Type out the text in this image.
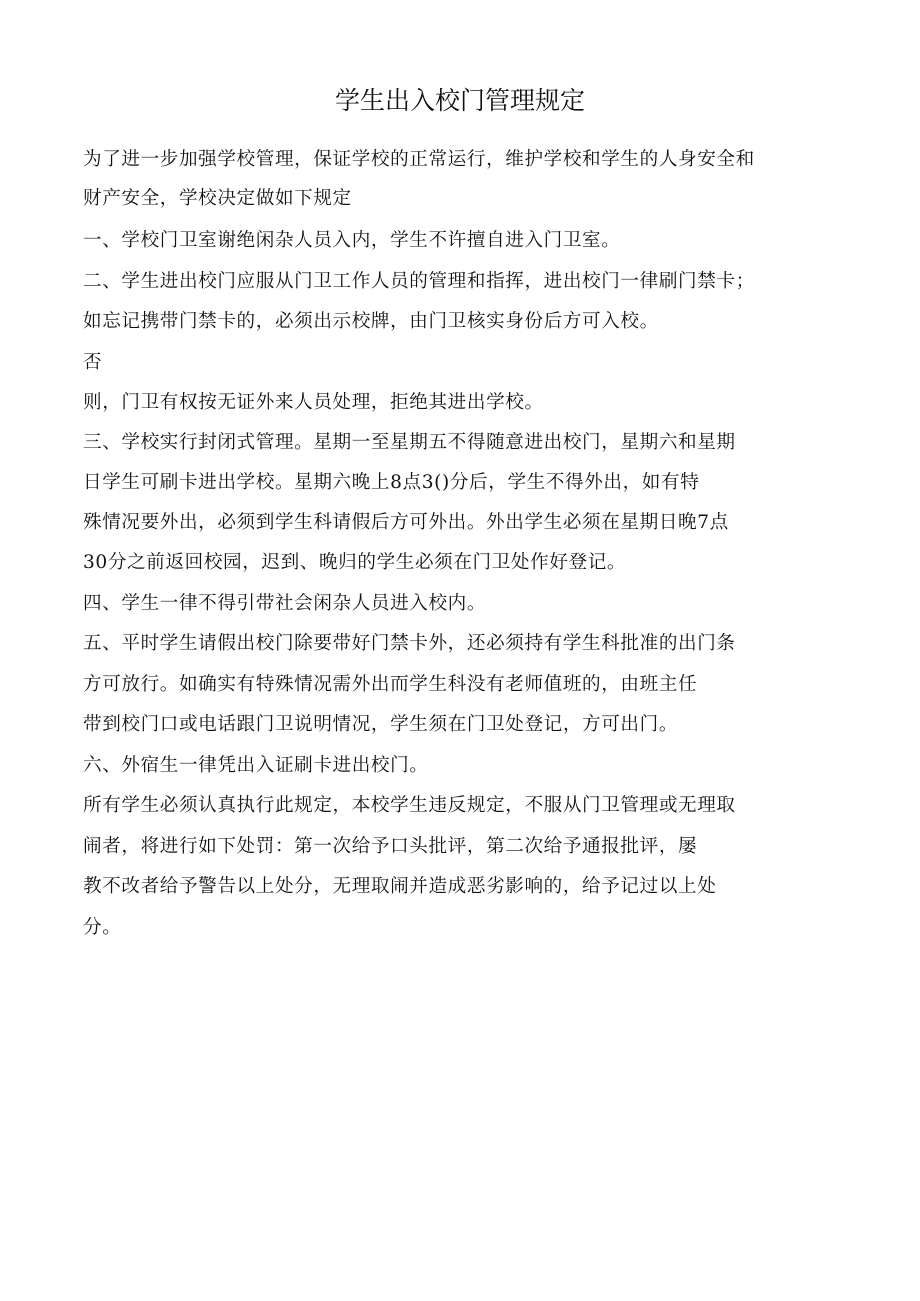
学生出入校门管理规定
为了进一步加强学校管理，保证学校的正常运行，维护学校和学生的人身安全和
财产安全，学校决定做如下规定
一、学校门卫室谢绝闲杂人员入内，学生不许擅自进入门卫室。
二、学生进出校门应服从门卫工作人员的管理和指挥，进出校门一律刷门禁卡；
如忘记携带门禁卡的，必须出示校牌，由门卫核实身份后方可入校。
否
则，门卫有权按无证外来人员处理，拒绝其进出学校。
三、学校实行封闭式管理。星期一至星期五不得随意进出校门，星期六和星期
日学生可刷卡进出学校。星期六晚上8点3()分后，学生不得外出，如有特
殊情况要外出，必须到学生科请假后方可外出。外出学生必须在星期日晚7点
30分之前返回校园，迟到、晚归的学生必须在门卫处作好登记。
四、学生一律不得引带社会闲杂人员进入校内。
五、平时学生请假出校门除要带好门禁卡外，还必须持有学生科批准的出门条
方可放行。如确实有特殊情况需外出而学生科没有老师值班的，由班主任
带到校门口或电话跟门卫说明情况，学生须在门卫处登记，方可出门。
六、外宿生一律凭出入证刷卡进出校门。
所有学生必须认真执行此规定，本校学生违反规定，不服从门卫管理或无理取
闹者，将进行如下处罚：第一次给予口头批评，第二次给予通报批评，屡
教不改者给予警告以上处分，无理取闹并造成恶劣影响的，给予记过以上处
分。
